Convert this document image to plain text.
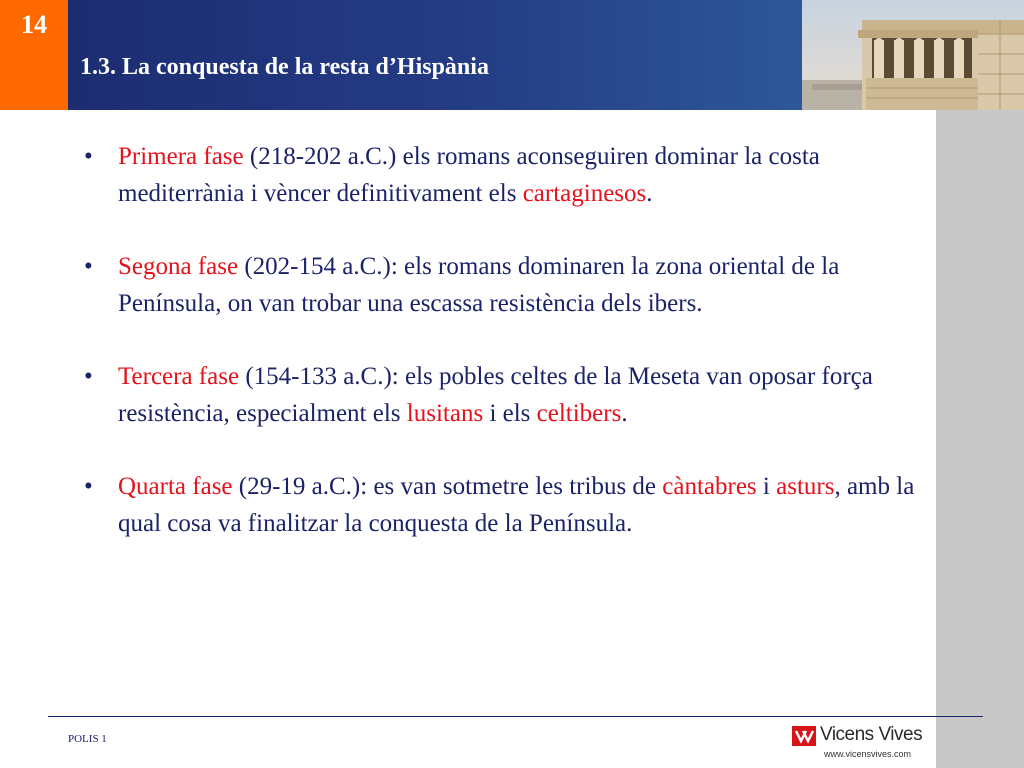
14
1.3. La conquesta de la resta d’Hispània
• Primera fase (218-202 a.C.) els romans aconseguiren dominar la costa mediterrània i vèncer definitivament els cartaginesos.
• Segona fase (202-154 a.C.): els romans dominaren la zona oriental de la Península, on van trobar una escassa resistència dels ibers.
• Tercera fase (154-133 a.C.): els pobles celtes de la Meseta van oposar força resistència, especialment els lusitans i els celtibers.
• Quarta fase (29-19 a.C.): es van sotmetre les tribus de càntabres i asturs, amb la qual cosa va finalitzar la conquesta de la Península.
POLIS 1	Vicens Vives
www.vicensvives.com
